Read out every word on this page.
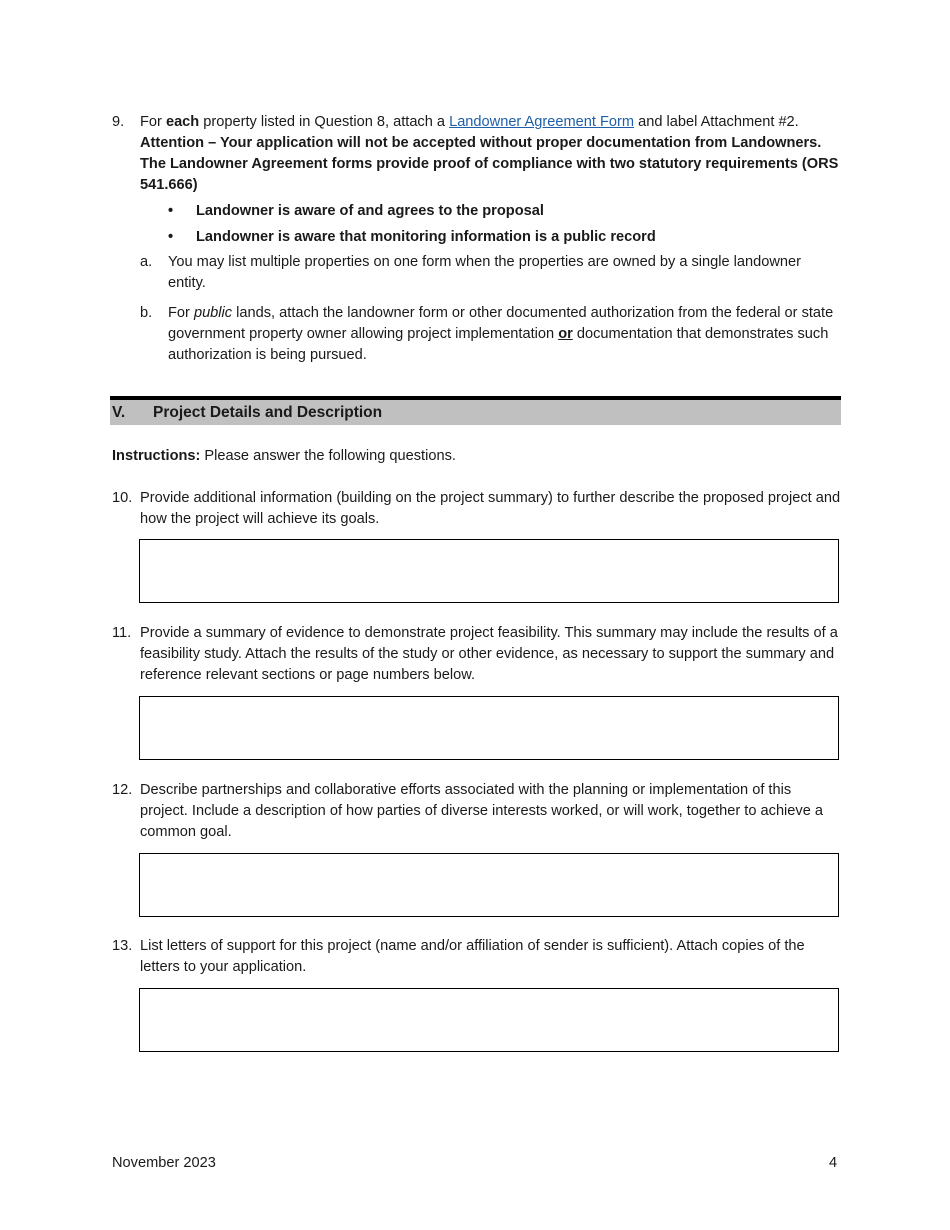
9. For each property listed in Question 8, attach a Landowner Agreement Form and label Attachment #2. Attention – Your application will not be accepted without proper documentation from Landowners. The Landowner Agreement forms provide proof of compliance with two statutory requirements (ORS 541.666)
• Landowner is aware of and agrees to the proposal
• Landowner is aware that monitoring information is a public record
a. You may list multiple properties on one form when the properties are owned by a single landowner entity.
b. For public lands, attach the landowner form or other documented authorization from the federal or state government property owner allowing project implementation or documentation that demonstrates such authorization is being pursued.
V. Project Details and Description
Instructions: Please answer the following questions.
10. Provide additional information (building on the project summary) to further describe the proposed project and how the project will achieve its goals.
11. Provide a summary of evidence to demonstrate project feasibility. This summary may include the results of a feasibility study. Attach the results of the study or other evidence, as necessary to support the summary and reference relevant sections or page numbers below.
12. Describe partnerships and collaborative efforts associated with the planning or implementation of this project. Include a description of how parties of diverse interests worked, or will work, together to achieve a common goal.
13. List letters of support for this project (name and/or affiliation of sender is sufficient). Attach copies of the letters to your application.
November 2023	4
